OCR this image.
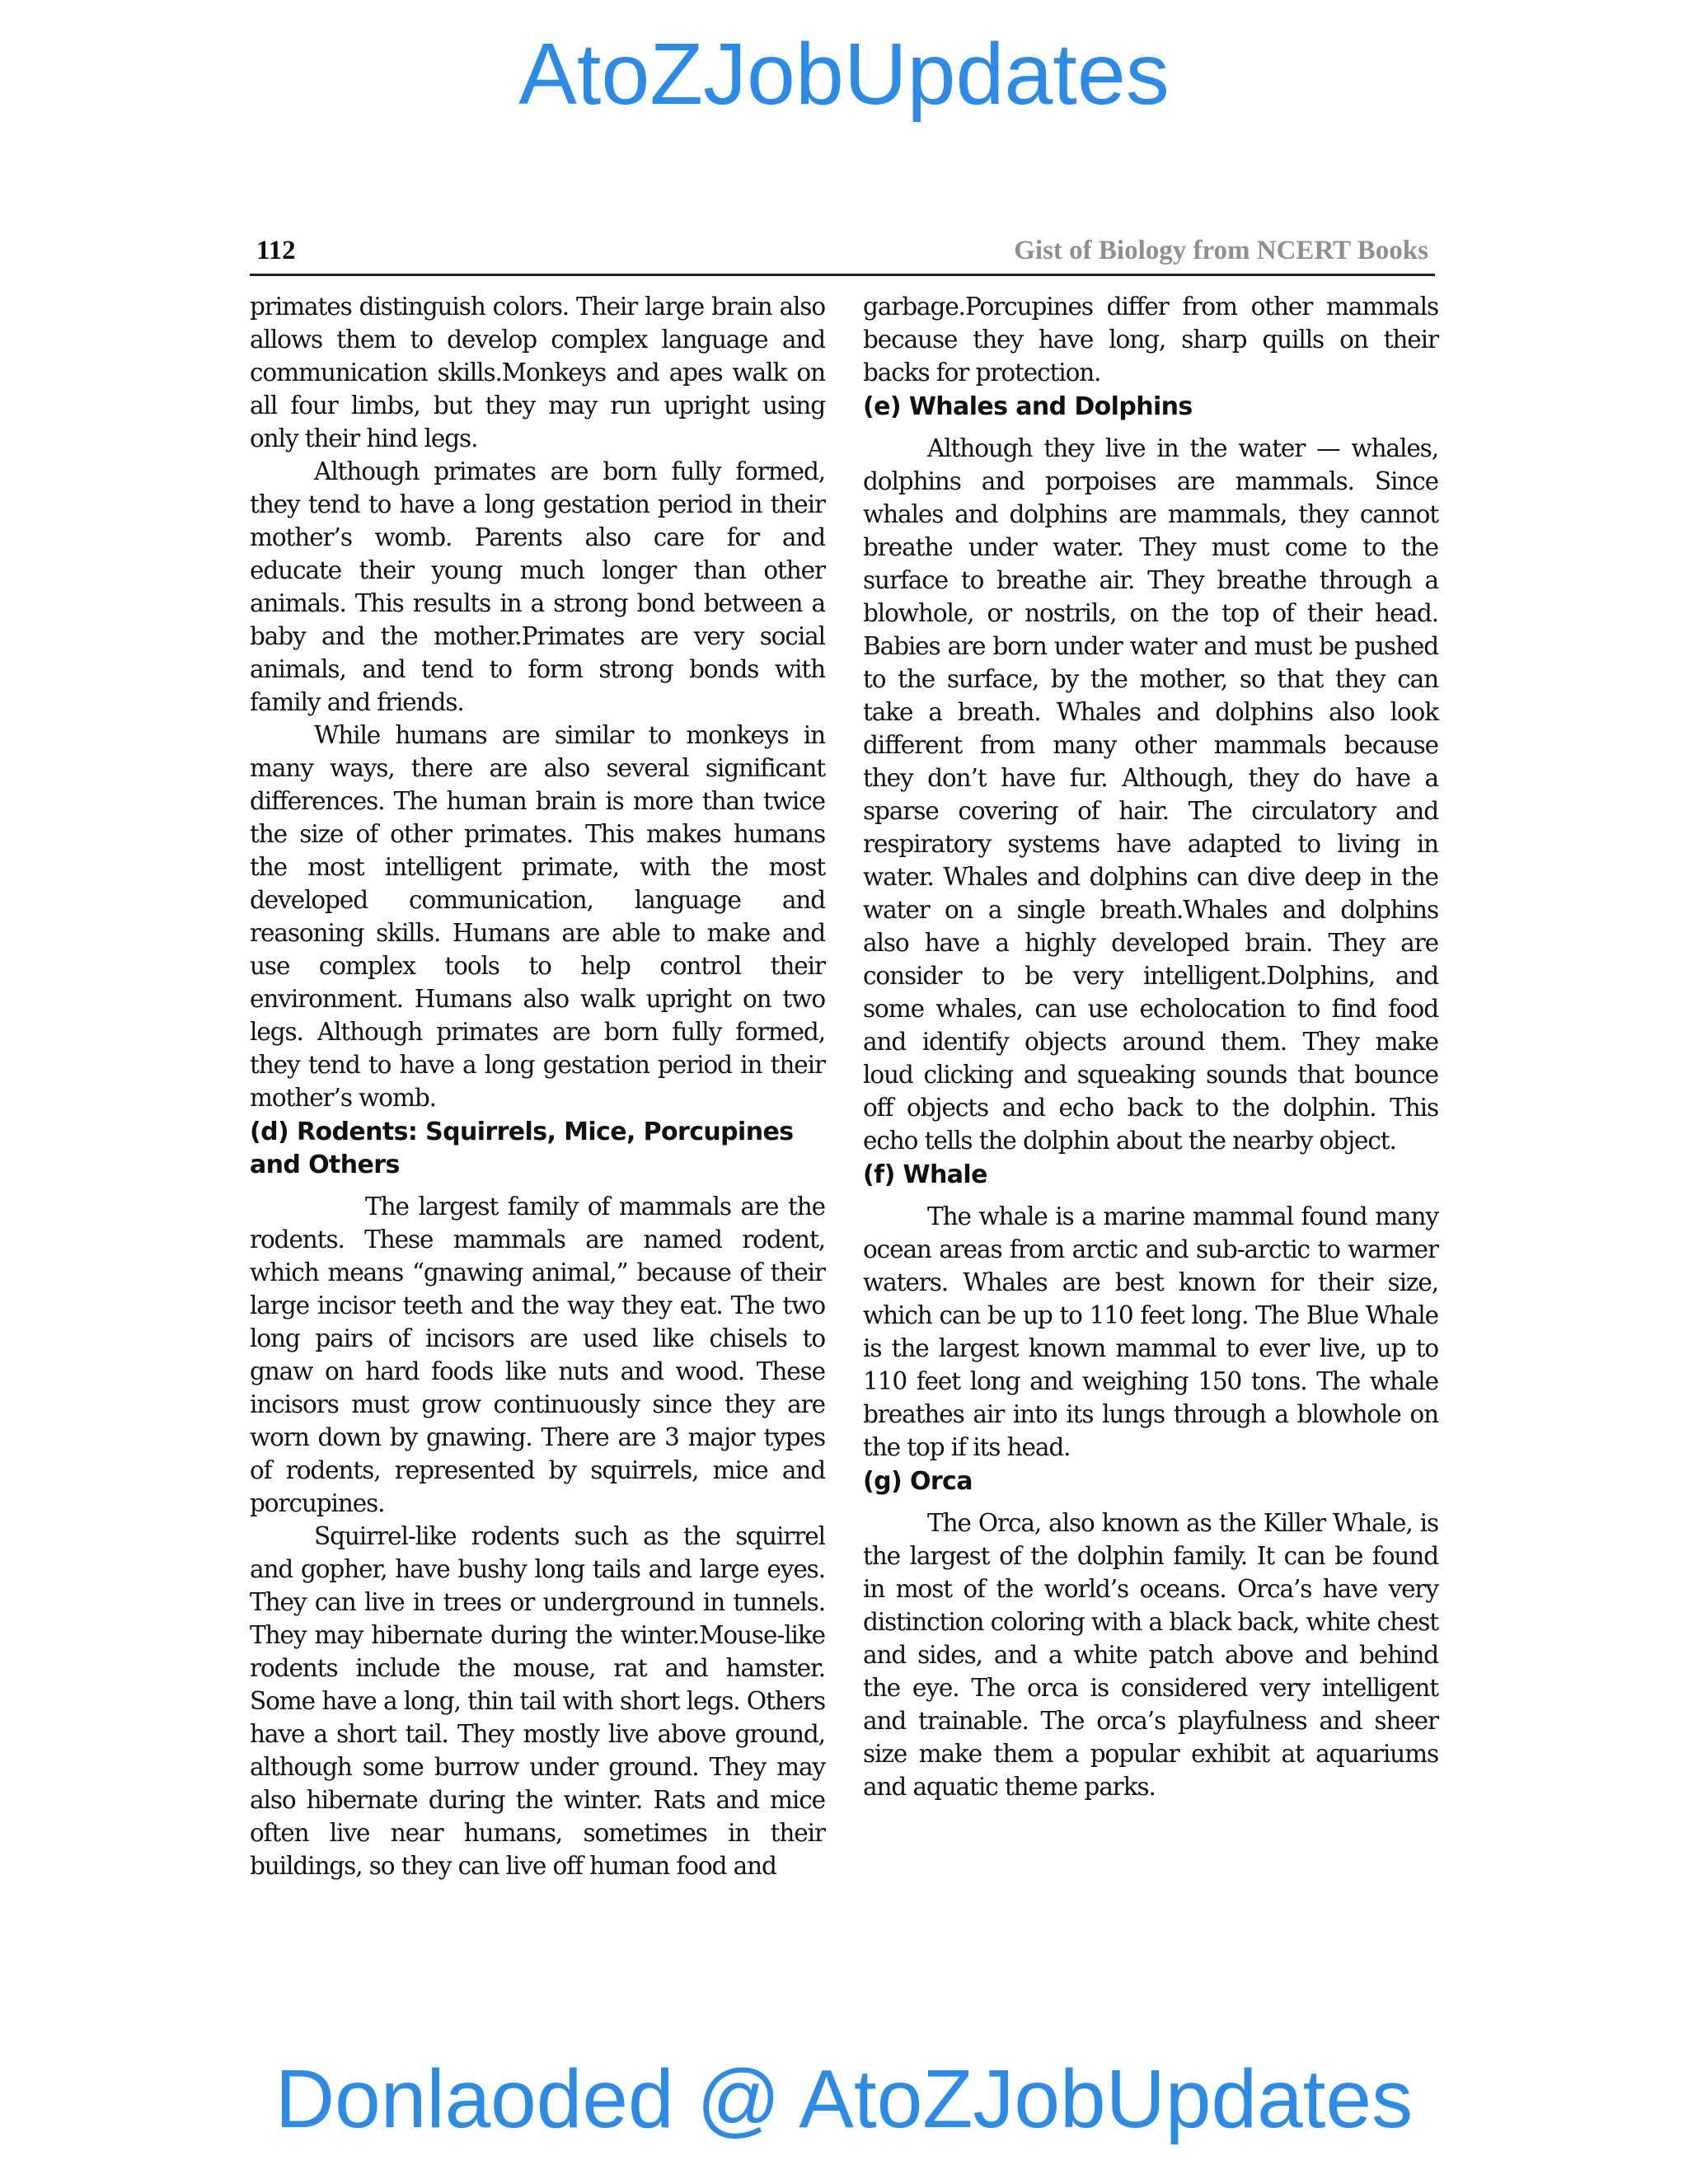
AtoZJobUpdates
112	Gist of Biology from NCERT Books

primates distinguish colors. Their large brain also allows them to develop complex language and communication skills.Monkeys and apes walk on all four limbs, but they may run upright using only their hind legs.

Although primates are born fully formed, they tend to have a long gestation period in their mother’s womb. Parents also care for and educate their young much longer than other animals. This results in a strong bond between a baby and the mother.Primates are very social animals, and tend to form strong bonds with family and friends.

While humans are similar to monkeys in many ways, there are also several significant differences. The human brain is more than twice the size of other primates. This makes humans the most intelligent primate, with the most developed communication, language and reasoning skills. Humans are able to make and use complex tools to help control their environment. Humans also walk upright on two legs. Although primates are born fully formed, they tend to have a long gestation period in their mother’s womb.

(d) Rodents: Squirrels, Mice, Porcupines and Others

The largest family of mammals are the rodents. These mammals are named rodent, which means “gnawing animal,” because of their large incisor teeth and the way they eat. The two long pairs of incisors are used like chisels to gnaw on hard foods like nuts and wood. These incisors must grow continuously since they are worn down by gnawing. There are 3 major types of rodents, represented by squirrels, mice and porcupines.

Squirrel-like rodents such as the squirrel and gopher, have bushy long tails and large eyes. They can live in trees or underground in tunnels. They may hibernate during the winter.Mouse-like rodents include the mouse, rat and hamster. Some have a long, thin tail with short legs. Others have a short tail. They mostly live above ground, although some burrow under ground. They may also hibernate during the winter. Rats and mice often live near humans, sometimes in their buildings, so they can live off human food and

garbage.Porcupines differ from other mammals because they have long, sharp quills on their backs for protection.

(e) Whales and Dolphins

Although they live in the water — whales, dolphins and porpoises are mammals. Since whales and dolphins are mammals, they cannot breathe under water. They must come to the surface to breathe air. They breathe through a blowhole, or nostrils, on the top of their head. Babies are born under water and must be pushed to the surface, by the mother, so that they can take a breath. Whales and dolphins also look different from many other mammals because they don’t have fur. Although, they do have a sparse covering of hair. The circulatory and respiratory systems have adapted to living in water. Whales and dolphins can dive deep in the water on a single breath.Whales and dolphins also have a highly developed brain. They are consider to be very intelligent.Dolphins, and some whales, can use echolocation to find food and identify objects around them. They make loud clicking and squeaking sounds that bounce off objects and echo back to the dolphin. This echo tells the dolphin about the nearby object.

(f) Whale

The whale is a marine mammal found many ocean areas from arctic and sub-arctic to warmer waters. Whales are best known for their size, which can be up to 110 feet long. The Blue Whale is the largest known mammal to ever live, up to 110 feet long and weighing 150 tons. The whale breathes air into its lungs through a blowhole on the top if its head.

(g) Orca

The Orca, also known as the Killer Whale, is the largest of the dolphin family. It can be found in most of the world’s oceans. Orca’s have very distinction coloring with a black back, white chest and sides, and a white patch above and behind the eye. The orca is considered very intelligent and trainable. The orca’s playfulness and sheer size make them a popular exhibit at aquariums and aquatic theme parks.

Donlaoded @ AtoZJobUpdates
